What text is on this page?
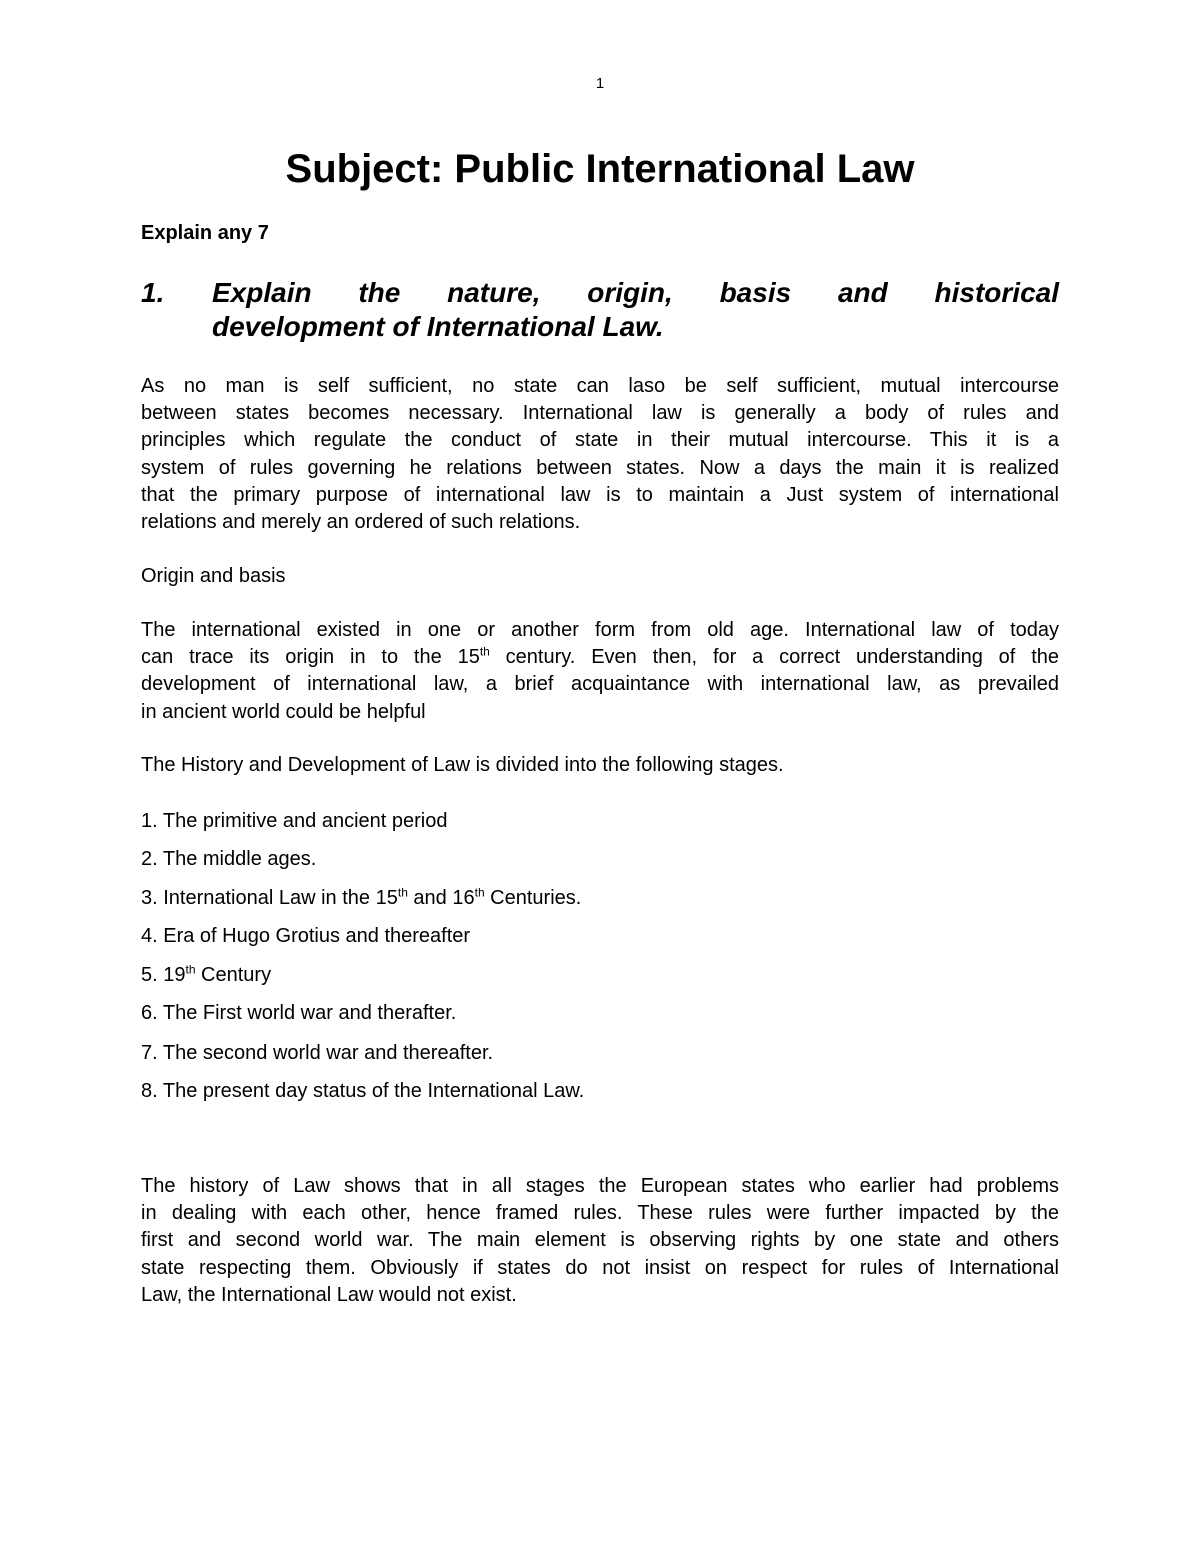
1
Subject: Public International Law
Explain any 7
1. Explain the nature, origin, basis and historical
development of International Law.
As no man is self sufficient, no state can laso be self sufficient, mutual intercourse
between states becomes necessary. International law is generally a body of rules and
principles which regulate the conduct of state in their mutual intercourse. This it is a
system of rules governing he relations between states. Now a days the main it is realized
that the primary purpose of international law is to maintain a Just system of international
relations and merely an ordered of such relations.
Origin and basis
The international existed in one or another form from old age. International law of today
can trace its origin in to the 15th century. Even then, for a correct understanding of the
development of international law, a brief acquaintance with international law, as prevailed
in ancient world could be helpful
The History and Development of Law is divided into the following stages.
1. The primitive and ancient period
2. The middle ages.
3. International Law in the 15th and 16th Centuries.
4. Era of Hugo Grotius and thereafter
5. 19th Century
6. The First world war and therafter.
7. The second world war and thereafter.
8. The present day status of the International Law.
The history of Law shows that in all stages the European states who earlier had problems
in dealing with each other, hence framed rules. These rules were further impacted by the
first and second world war. The main element is observing rights by one state and others
state respecting them. Obviously if states do not insist on respect for rules of International
Law, the International Law would not exist.
